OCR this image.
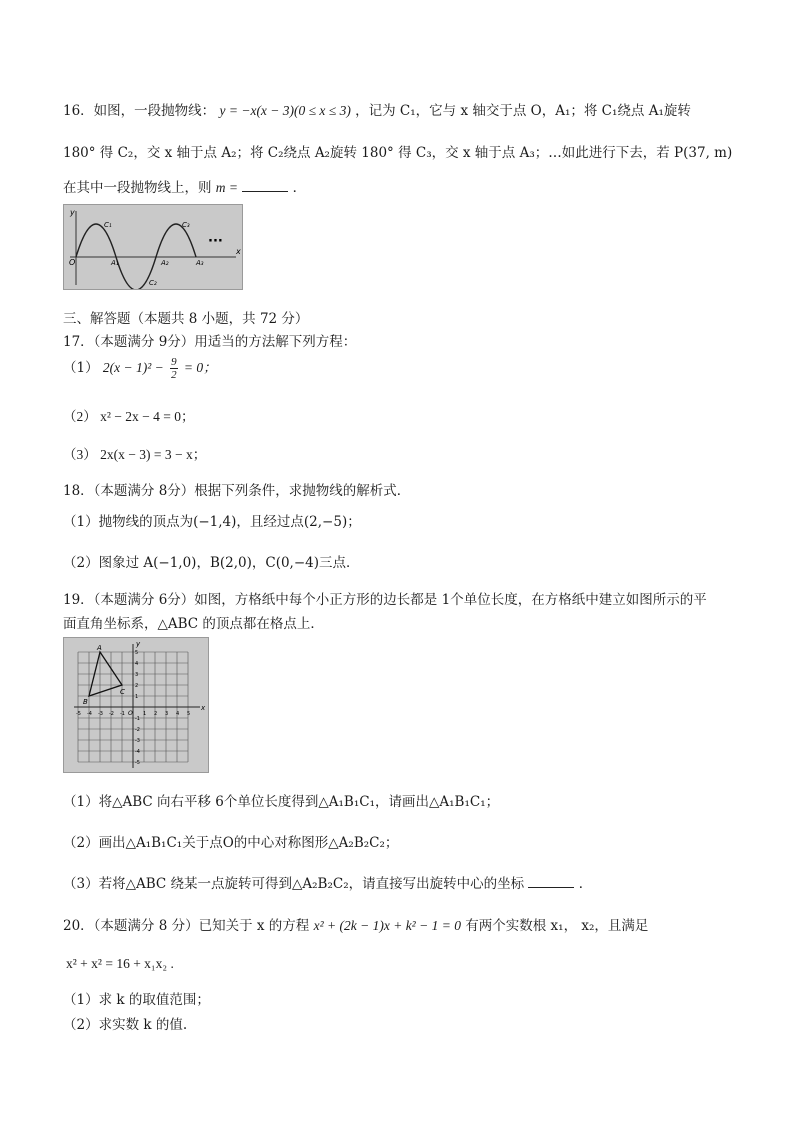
16．如图，一段抛物线： y = −x(x − 3)(0 ≤ x ≤ 3) ，记为 C₁，它与 x 轴交于点 O，A₁；将 C₁绕点 A₁旋转
180° 得 C₂，交 x 轴于点 A₂；将 C₂绕点 A₂旋转 180° 得 C₃，交 x 轴于点 A₃；…如此进行下去，若 P(37, m)
在其中一段抛物线上，则 m =	．
y
x
O
C₁
C₂
C₃
A₁	A₂	A₃
···
三、解答题（本题共 8 小题，共 72 分）
17．（本题满分 9分）用适当的方法解下列方程：
（1） $2(x - 1)^2 - \frac{9}{2} = 0$；
（2） x² − 2x − 4 = 0；
（3） 2x(x − 3) = 3 − x；
18．（本题满分 8分）根据下列条件，求抛物线的解析式．
（1）抛物线的顶点为(−1,4)，且经过点(2,−5)；
（2）图象过 A(−1,0)，B(2,0)，C(0,−4)三点．
19．（本题满分 6分）如图，方格纸中每个小正方形的边长都是 1个单位长度，在方格纸中建立如图所示的平
面直角坐标系，△ABC 的顶点都在格点上．
y
x
O
A
B
C
-5 -4 -3 -2 -1	1 2 3 4 5
5
4
3
2
1
-1
-2
-3
-4
-5
（1）将△ABC 向右平移 6个单位长度得到△A₁B₁C₁，请画出△A₁B₁C₁；
（2）画出△A₁B₁C₁关于点O的中心对称图形△A₂B₂C₂；
（3）若将△ABC 绕某一点旋转可得到△A₂B₂C₂，请直接写出旋转中心的坐标	．
20．（本题满分 8 分）已知关于 x 的方程 x² + (2k − 1)x + k² − 1 = 0 有两个实数根 x₁， x₂，且满足
x² + x² = 16 + x₁x₂ .
（1）求 k 的取值范围；
（2）求实数 k 的值.
